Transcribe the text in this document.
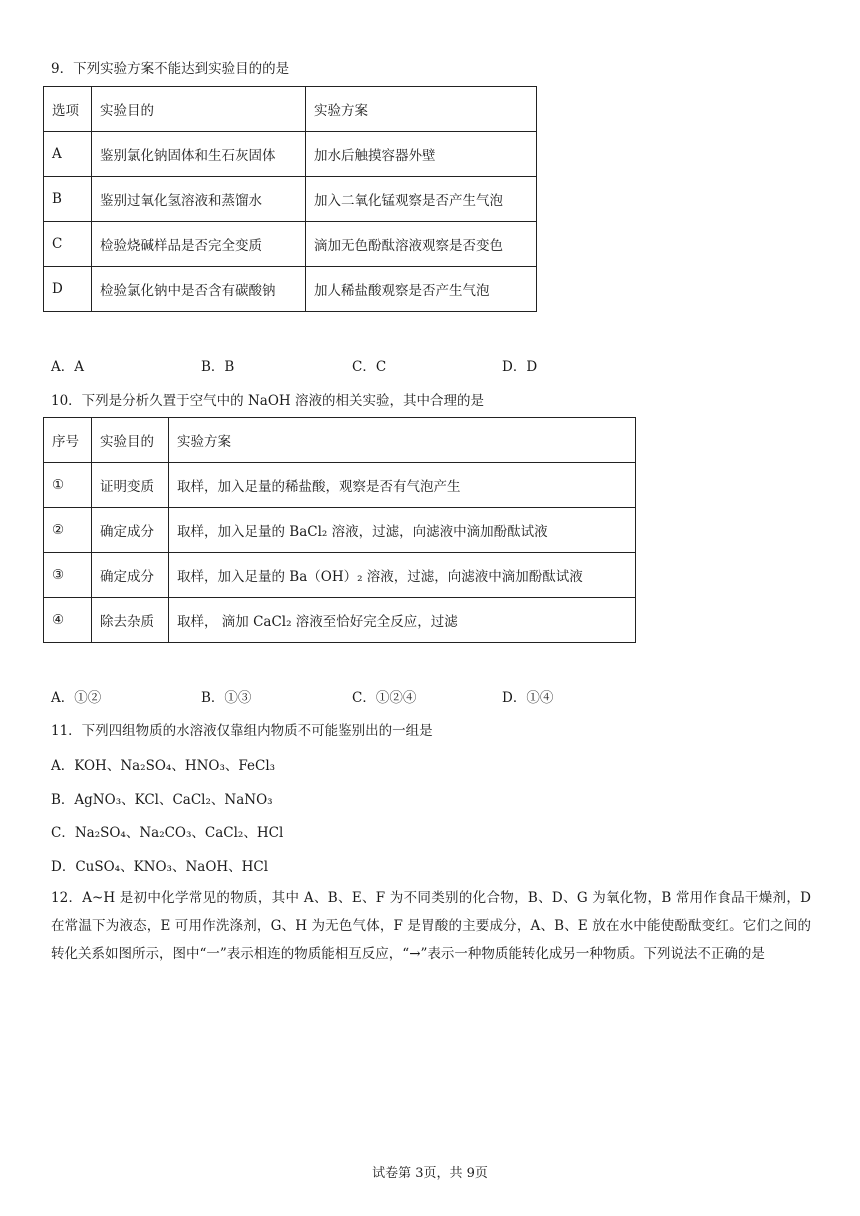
9．下列实验方案不能达到实验目的的是
选项	实验目的	实验方案
A	鉴别氯化钠固体和生石灰固体	加水后触摸容器外壁
B	鉴别过氧化氢溶液和蒸馏水	加入二氧化锰观察是否产生气泡
C	检验烧碱样品是否完全变质	滴加无色酚酞溶液观察是否变色
D	检验氯化钠中是否含有碳酸钠	加人稀盐酸观察是否产生气泡
A．A	B．B	C．C	D．D
10．下列是分析久置于空气中的 NaOH 溶液的相关实验，其中合理的是
序号	实验目的	实验方案
①	证明变质	取样，加入足量的稀盐酸，观察是否有气泡产生
②	确定成分	取样，加入足量的 BaCl₂ 溶液，过滤，向滤液中滴加酚酞试液
③	确定成分	取样，加入足量的 Ba（OH）₂ 溶液，过滤，向滤液中滴加酚酞试液
④	除去杂质	取样， 滴加 CaCl₂ 溶液至恰好完全反应，过滤
A．①②	B．①③	C．①②④	D．①④
11．下列四组物质的水溶液仅靠组内物质不可能鉴别出的一组是
A．KOH、Na₂SO₄、HNO₃、FeCl₃
B．AgNO₃、KCl、CaCl₂、NaNO₃
C．Na₂SO₄、Na₂CO₃、CaCl₂、HCl
D．CuSO₄、KNO₃、NaOH、HCl
12．A~H 是初中化学常见的物质，其中 A、B、E、F 为不同类别的化合物，B、D、G 为氧化物，B 常用作食品干燥剂，D 在常温下为液态，E 可用作洗涤剂，G、H 为无色气体，F 是胃酸的主要成分，A、B、E 放在水中能使酚酞变红。它们之间的转化关系如图所示，图中“一”表示相连的物质能相互反应，“→”表示一种物质能转化成另一种物质。下列说法不正确的是
试卷第 3页，共 9页
